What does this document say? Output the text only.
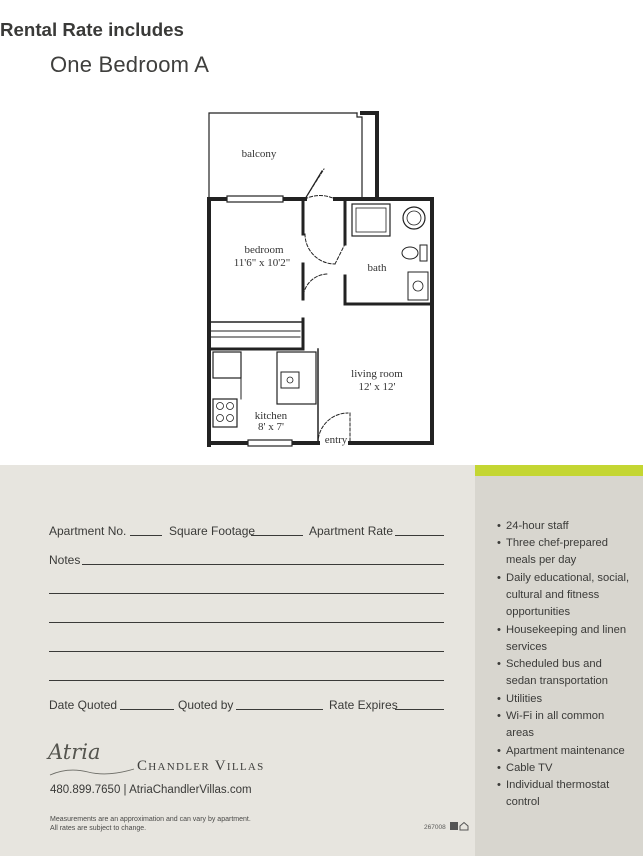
One Bedroom A
balcony
bedroom
11'6" x 10'2"	bath
living room
12' x 12'
kitchen
8' x 7'
entry
Apartment No.	Square Footage	Apartment Rate
Notes
Date Quoted	Quoted by	Rate Expires
Rental Rate includes
• 24-hour staff
• Three chef-prepared meals per day
• Daily educational, social, cultural and fitness opportunities
• Housekeeping and linen services
• Scheduled bus and sedan transportation
• Utilities
• Wi-Fi in all common areas
• Apartment maintenance
• Cable TV
• Individual thermostat control
Atria
Chandler Villas
480.899.7650 | AtriaChandlerVillas.com
Measurements are an approximation and can vary by apartment.
All rates are subject to change.	267008
